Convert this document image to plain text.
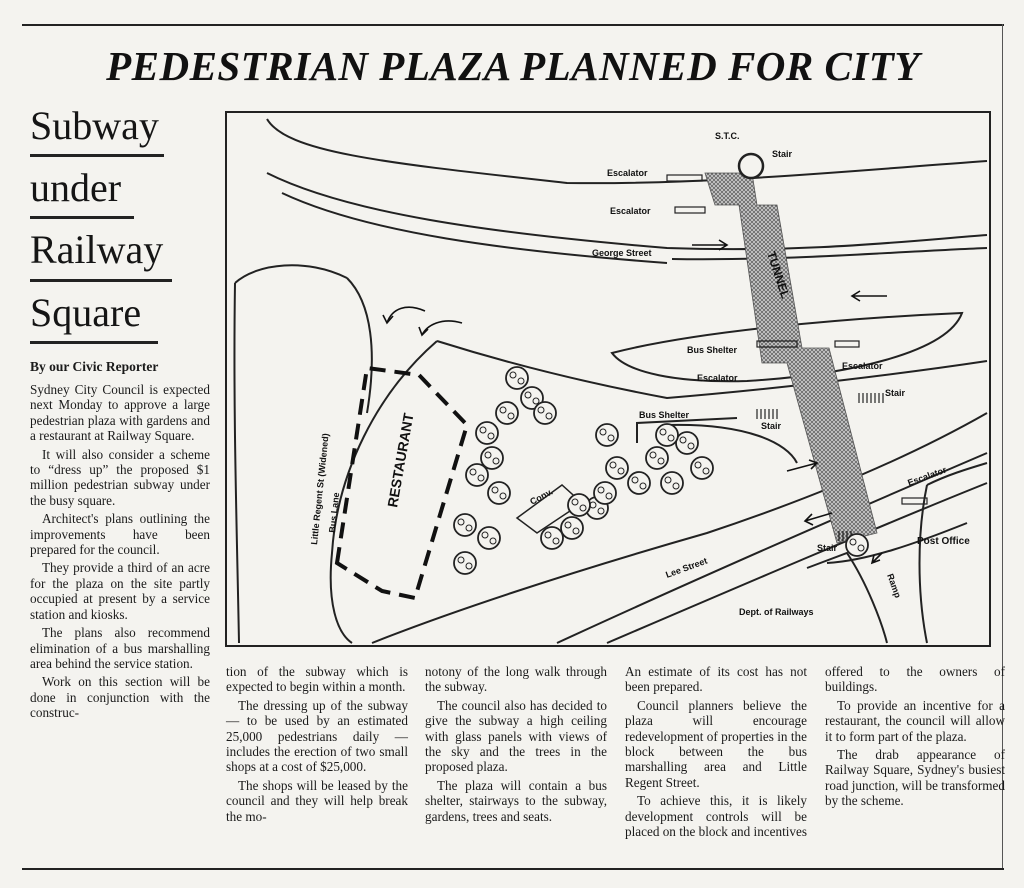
PEDESTRIAN PLAZA PLANNED FOR CITY
Subway
under
Railway
Square
By our Civic Reporter

Sydney City Council is expected next Monday to approve a large pedestrian plaza with gardens and a restaurant at Railway Square.

It will also consider a scheme to “dress up” the proposed $1 million pedestrian subway under the busy square.

Architect's plans outlining the improvements have been prepared for the council.

They provide a third of an acre for the plaza on the site partly occupied at present by a service station and kiosks.

The plans also recommend elimination of a bus marshalling area behind the service station.

Work on this section will be done in conjunction with the construc-

tion of the subway which is expected to begin within a month.

The dressing up of the subway — to be used by an estimated 25,000 pedestrians daily — includes the erection of two small shops at a cost of $25,000.

The shops will be leased by the council and they will help break the mo-

notony of the long walk through the subway.

The council also has decided to give the subway a high ceiling with glass panels with views of the sky and the trees in the proposed plaza.

The plaza will contain a bus shelter, stairways to the subway, gardens, trees and seats.

An estimate of its cost has not been prepared.

Council planners believe the plaza will encourage redevelopment of properties in the block between the bus marshalling area and Little Regent Street.

To achieve this, it is likely development controls will be placed on the block and incentives

offered to the owners of buildings.

To provide an incentive for a restaurant, the council will allow it to form part of the plaza.

The drab appearance of Railway Square, Sydney's busiest road junction, will be transformed by the scheme.

S.T.C.
Stair
Escalator
Escalator
George Street
Bus Shelter
Escalator
Escalator
Stair
Bus Shelter
Stair
Stair
Post Office
Dept. of Railways
Conv.
Lee Street
Escalator
Ramp
Little Regent St (Widened)
Bus Lane
TUNNEL
RESTAURANT
